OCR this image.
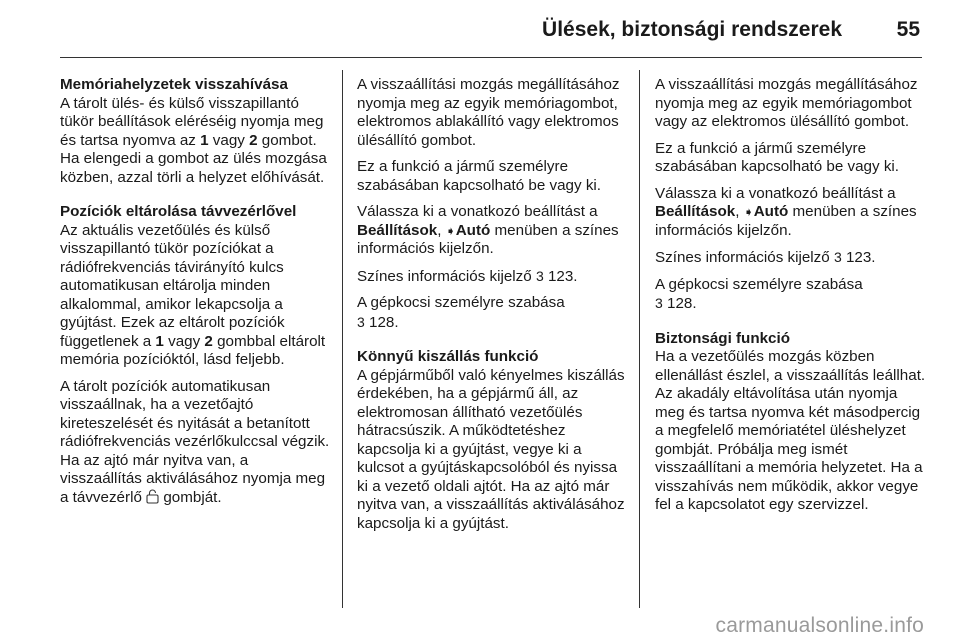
Ülések, biztonsági rendszerek	55

Memóriahelyzetek visszahívása
A tárolt ülés- és külső visszapillantó tükör beállítások eléréséig nyomja meg és tartsa nyomva az 1 vagy 2 gombot. Ha elengedi a gombot az ülés mozgása közben, azzal törli a helyzet előhívását.

Pozíciók eltárolása távvezérlővel
Az aktuális vezetőülés és külső visszapillantó tükör pozíciókat a rádiófrekvenciás távirányító kulcs automatikusan eltárolja minden alkalommal, amikor lekapcsolja a gyújtást. Ezek az eltárolt pozíciók függetlenek a 1 vagy 2 gombbal eltárolt memória pozícióktól, lásd feljebb.

A tárolt pozíciók automatikusan visszaállnak, ha a vezetőajtó kireteszelését és nyitását a betanított rádiófrekvenciás vezérlőkulccsal végzik. Ha az ajtó már nyitva van, a visszaállítás aktiválásához nyomja meg a távvezérlő  gombját.

A visszaállítási mozgás megállításához nyomja meg az egyik memóriagombot, elektromos ablakállító vagy elektromos ülésállító gombot.

Ez a funkció a jármű személyre szabásában kapcsolható be vagy ki.

Válassza ki a vonatkozó beállítást a Beállítások, ➧Autó menüben a színes információs kijelzőn.

Színes információs kijelző 3 123.

A gépkocsi személyre szabása
3 128.

Könnyű kiszállás funkció
A gépjárműből való kényelmes kiszállás érdekében, ha a gépjármű áll, az elektromosan állítható vezetőülés hátracsúszik. A működtetéshez kapcsolja ki a gyújtást, vegye ki a kulcsot a gyújtáskapcsolóból és nyissa ki a vezető oldali ajtót. Ha az ajtó már nyitva van, a visszaállítás aktiválásához kapcsolja ki a gyújtást.

A visszaállítási mozgás megállításához nyomja meg az egyik memóriagombot vagy az elektromos ülésállító gombot.

Ez a funkció a jármű személyre szabásában kapcsolható be vagy ki.

Válassza ki a vonatkozó beállítást a Beállítások, ➧Autó menüben a színes információs kijelzőn.

Színes információs kijelző 3 123.

A gépkocsi személyre szabása
3 128.

Biztonsági funkció
Ha a vezetőülés mozgás közben ellenállást észlel, a visszaállítás leállhat. Az akadály eltávolítása után nyomja meg és tartsa nyomva két másodpercig a megfelelő memóriatétel üléshelyzet gombját. Próbálja meg ismét visszaállítani a memória helyzetet. Ha a visszahívás nem működik, akkor vegye fel a kapcsolatot egy szervizzel.

carmanualsonline.info
